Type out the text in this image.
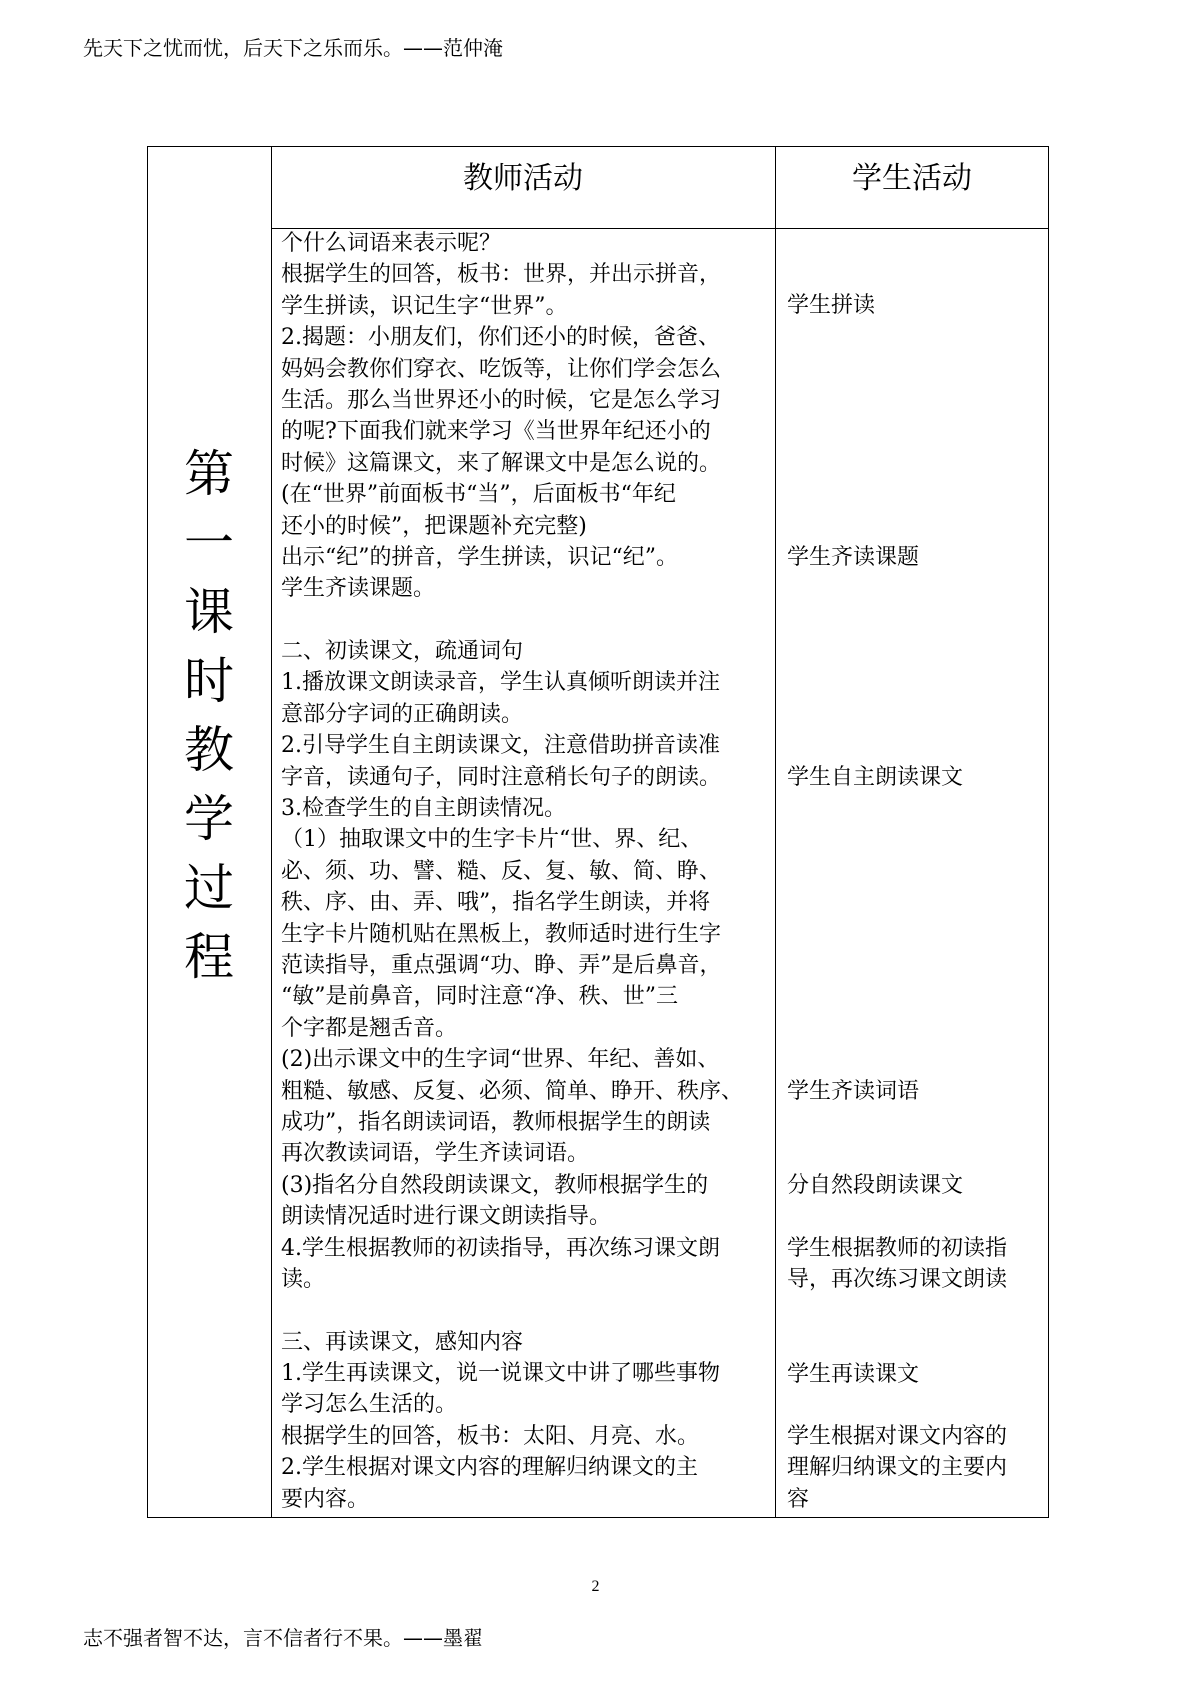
先天下之忧而忧，后天下之乐而乐。——范仲淹
教师活动	学生活动
第
一
课
时
教
学
过
程
个什么词语来表示呢？
根据学生的回答，板书：世界，并出示拼音，
学生拼读，识记生字“世界”。
2.揭题：小朋友们，你们还小的时候，爸爸、
妈妈会教你们穿衣、吃饭等，让你们学会怎么
生活。那么当世界还小的时候，它是怎么学习
的呢?下面我们就来学习《当世界年纪还小的
时候》这篇课文，来了解课文中是怎么说的。
(在“世界”前面板书“当”，后面板书“年纪
还小的时候”，把课题补充完整)
出示“纪”的拼音，学生拼读，识记“纪”。
学生齐读课题。
二、初读课文，疏通词句
1.播放课文朗读录音，学生认真倾听朗读并注
意部分字词的正确朗读。
2.引导学生自主朗读课文，注意借助拼音读准
字音，读通句子，同时注意稍长句子的朗读。
3.检查学生的自主朗读情况。
（1）抽取课文中的生字卡片“世、界、纪、
必、须、功、譬、糙、反、复、敏、简、睁、
秩、序、由、弄、哦”，指名学生朗读，并将
生字卡片随机贴在黑板上，教师适时进行生字
范读指导，重点强调“功、睁、弄”是后鼻音，
“敏”是前鼻音，同时注意“净、秩、世”三
个字都是翘舌音。
(2)出示课文中的生字词“世界、年纪、善如、
粗糙、敏感、反复、必须、简单、睁开、秩序、
成功”，指名朗读词语，教师根据学生的朗读
再次教读词语，学生齐读词语。
(3)指名分自然段朗读课文，教师根据学生的
朗读情况适时进行课文朗读指导。
4.学生根据教师的初读指导，再次练习课文朗
读。
三、再读课文，感知内容
1.学生再读课文，说一说课文中讲了哪些事物
学习怎么生活的。
根据学生的回答，板书：太阳、月亮、水。
2.学生根据对课文内容的理解归纳课文的主
要内容。
学生拼读
学生齐读课题
学生自主朗读课文
学生齐读词语
分自然段朗读课文
学生根据教师的初读指
导，再次练习课文朗读
学生再读课文
学生根据对课文内容的
理解归纳课文的主要内
容
2
志不强者智不达，言不信者行不果。——墨翟
